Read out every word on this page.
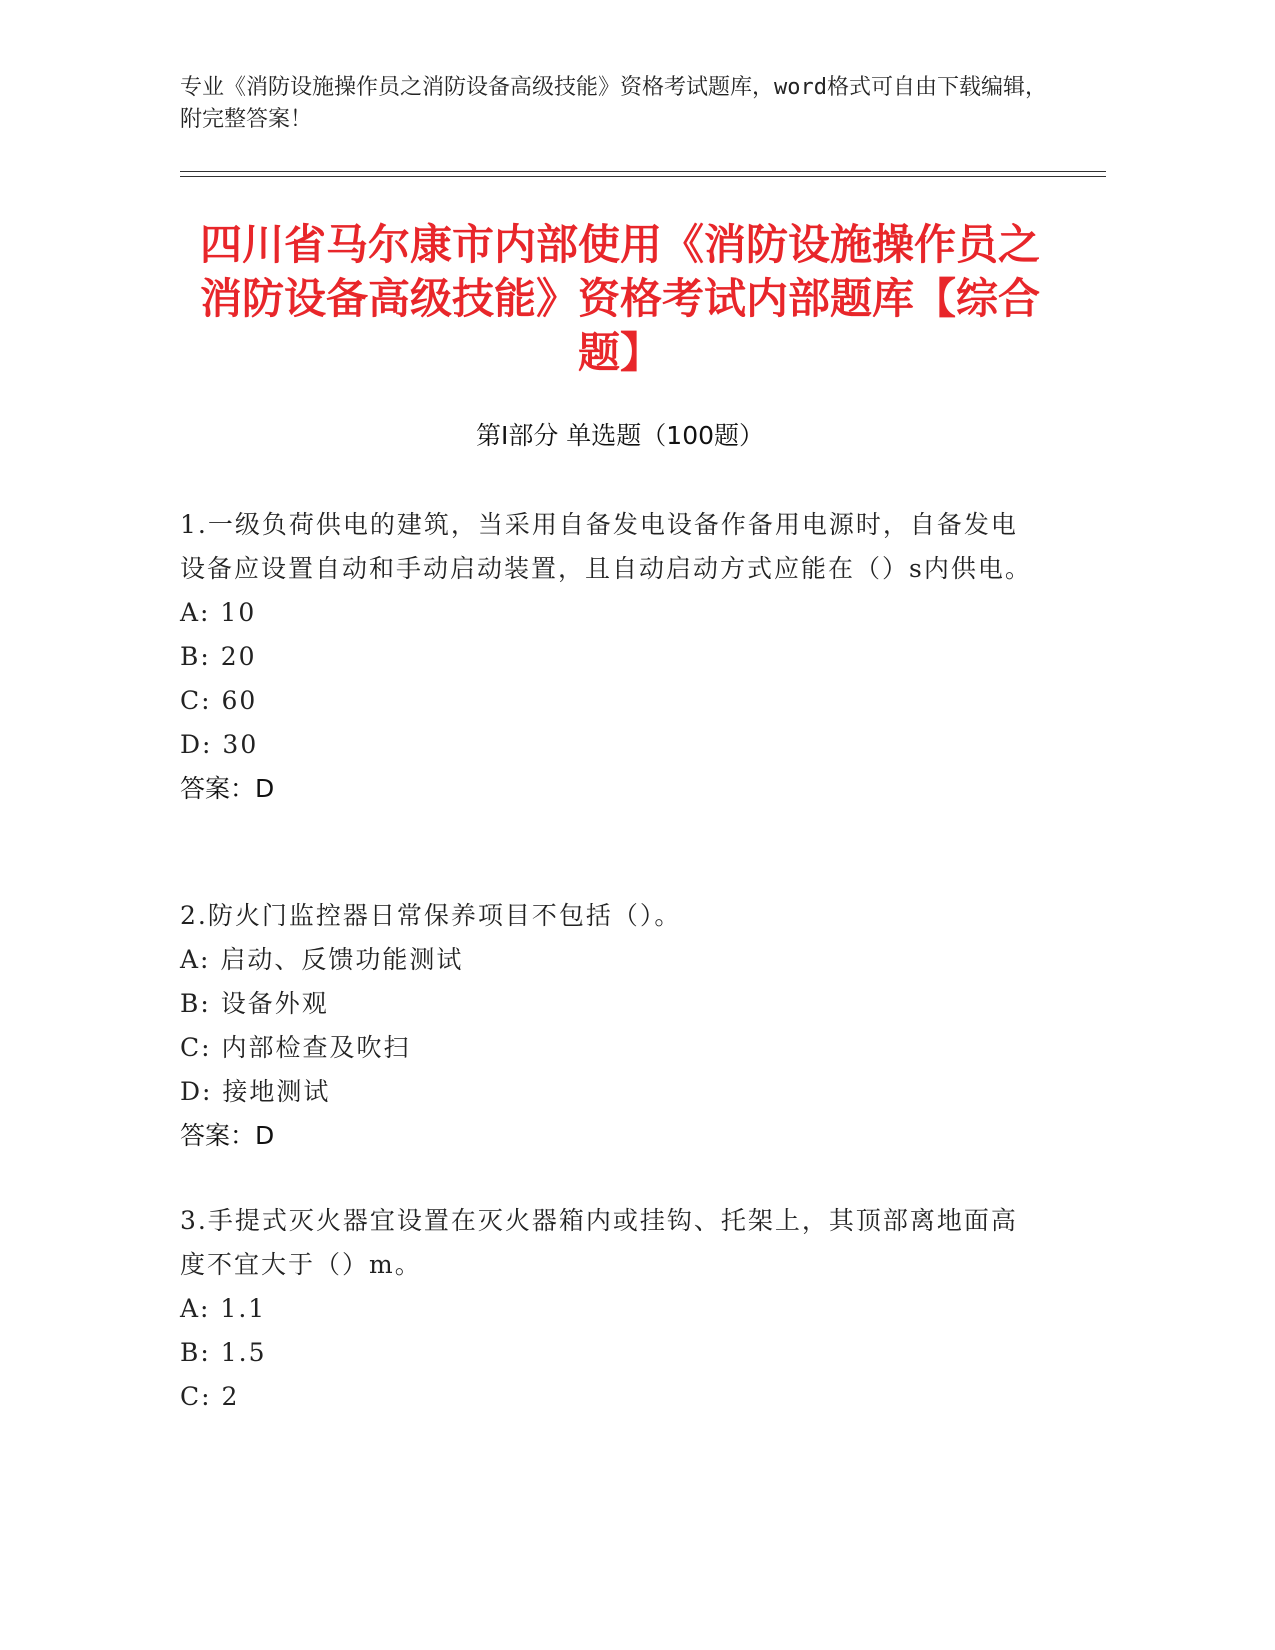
专业《消防设施操作员之消防设备高级技能》资格考试题库，word格式可自由下载编辑，附完整答案！
四川省马尔康市内部使用《消防设施操作员之消防设备高级技能》资格考试内部题库【综合题】
第Ⅰ部分 单选题（100题）

1.一级负荷供电的建筑，当采用自备发电设备作备用电源时，自备发电设备应设置自动和手动启动装置，且自动启动方式应能在（）s内供电。

A: 10

B: 20

C: 60

D: 30

答案：D

2.防火门监控器日常保养项目不包括（）。

A: 启动、反馈功能测试

B: 设备外观

C: 内部检查及吹扫

D: 接地测试

答案：D

3.手提式灭火器宜设置在灭火器箱内或挂钩、托架上，其顶部离地面高度不宜大于（）m。

A: 1.1

B: 1.5

C: 2
